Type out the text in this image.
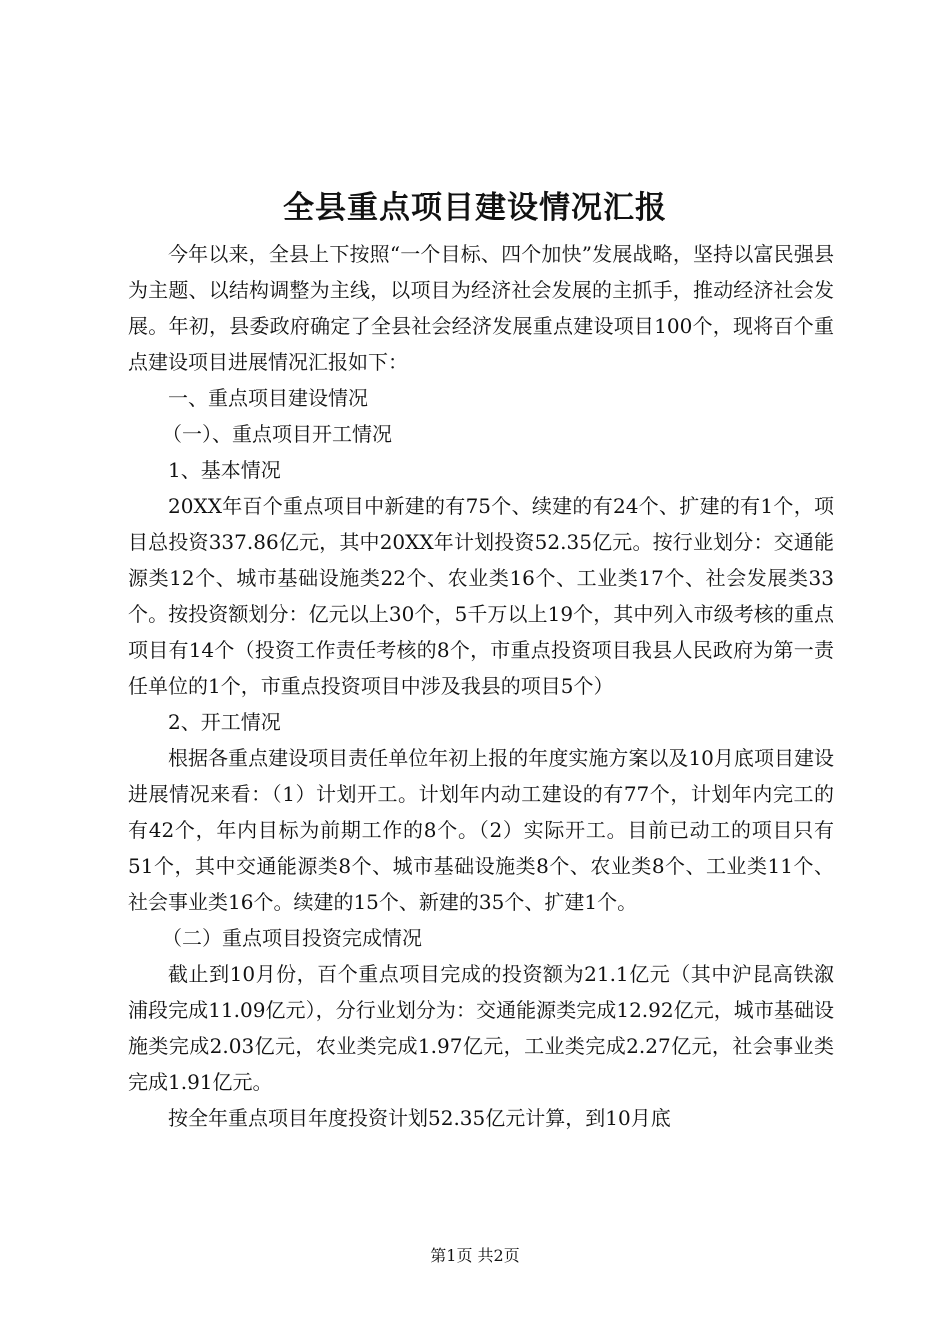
全县重点项目建设情况汇报

今年以来，全县上下按照“一个目标、四个加快”发展战略，坚持以富民强县为主题、以结构调整为主线，以项目为经济社会发展的主抓手，推动经济社会发展。年初，县委政府确定了全县社会经济发展重点建设项目100个，现将百个重点建设项目进展情况汇报如下：

一、重点项目建设情况

（一）、重点项目开工情况

1、基本情况

20XX年百个重点项目中新建的有75个、续建的有24个、扩建的有1个，项目总投资337.86亿元，其中20XX年计划投资52.35亿元。按行业划分：交通能源类12个、城市基础设施类22个、农业类16个、工业类17个、社会发展类33个。按投资额划分：亿元以上30个，5千万以上19个，其中列入市级考核的重点项目有14个（投资工作责任考核的8个，市重点投资项目我县人民政府为第一责任单位的1个，市重点投资项目中涉及我县的项目5个）

2、开工情况

根据各重点建设项目责任单位年初上报的年度实施方案以及10月底项目建设进展情况来看：（1）计划开工。计划年内动工建设的有77个，计划年内完工的有42个，年内目标为前期工作的8个。（2）实际开工。目前已动工的项目只有51个，其中交通能源类8个、城市基础设施类8个、农业类8个、工业类11个、社会事业类16个。续建的15个、新建的35个、扩建1个。

（二）重点项目投资完成情况

截止到10月份，百个重点项目完成的投资额为21.1亿元（其中沪昆高铁溆浦段完成11.09亿元），分行业划分为：交通能源类完成12.92亿元，城市基础设施类完成2.03亿元，农业类完成1.97亿元，工业类完成2.27亿元，社会事业类完成1.91亿元。

按全年重点项目年度投资计划52.35亿元计算，到10月底

第1页 共2页
